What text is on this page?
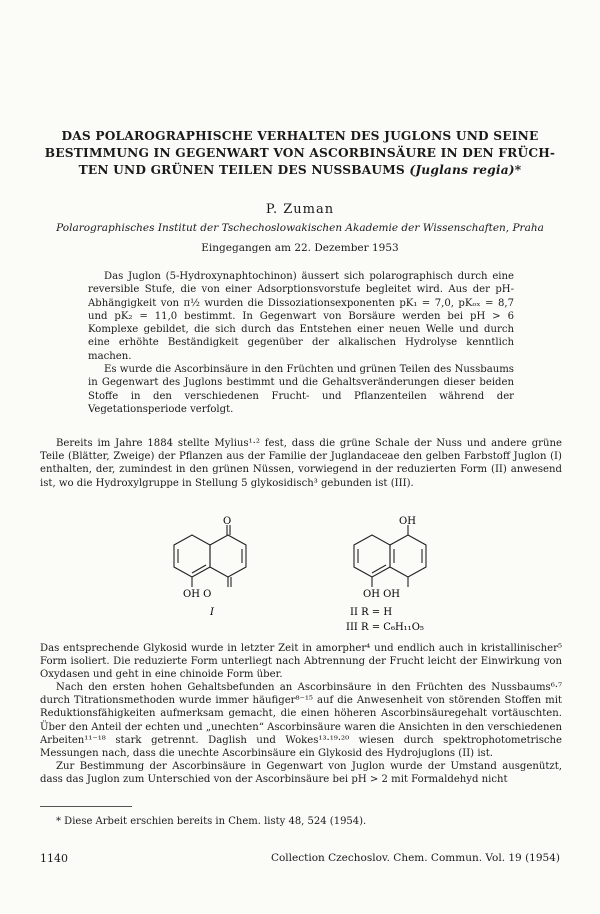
DAS POLAROGRAPHISCHE VERHALTEN DES JUGLONS UND SEINE
BESTIMMUNG IN GEGENWART VON ASCORBINSÄURE IN DEN FRÜCH-
TEN UND GRÜNEN TEILEN DES NUSSBAUMS (Juglans regia)*
P. Zuman
Polarographisches Institut der Tschechoslowakischen Akademie der Wissenschaften, Praha
Eingegangen am 22. Dezember 1953

Das Juglon (5-Hydroxynaphtochinon) äussert sich polarographisch durch eine reversible Stufe, die von einer Adsorptionsvorstufe begleitet wird. Aus der pH-Abhängigkeit von π½ wurden die Dissoziationsexponenten pK₁ = 7,0, pKₒₓ = 8,7 und pK₂ = 11,0 bestimmt. In Gegenwart von Borsäure werden bei pH > 6 Komplexe gebildet, die sich durch das Entstehen einer neuen Welle und durch eine erhöhte Beständigkeit gegenüber der alkalischen Hydrolyse kenntlich machen.

Es wurde die Ascorbinsäure in den Früchten und grünen Teilen des Nussbaums in Gegenwart des Juglons bestimmt und die Gehaltsveränderungen dieser beiden Stoffe in den verschiedenen Frucht- und Pflanzenteilen während der Vegetationsperiode verfolgt.

Bereits im Jahre 1884 stellte Mylius¹·² fest, dass die grüne Schale der Nuss und andere grüne Teile (Blätter, Zweige) der Pflanzen aus der Familie der Juglandaceae den gelben Farbstoff Juglon (I) enthalten, der, zumindest in den grünen Nüssen, vorwiegend in der reduzierten Form (II) anwesend ist, wo die Hydroxylgruppe in Stellung 5 glykosidisch³ gebunden ist (III).

O	OH
OH O	OH OH
I	II R = H
III R = C₆H₁₁O₅

Das entsprechende Glykosid wurde in letzter Zeit in amorpher⁴ und endlich auch in kristallinischer⁵ Form isoliert. Die reduzierte Form unterliegt nach Abtrennung der Frucht leicht der Einwirkung von Oxydasen und geht in eine chinoide Form über.

Nach den ersten hohen Gehaltsbefunden an Ascorbinsäure in den Früchten des Nussbaums⁶·⁷ durch Titrationsmethoden wurde immer häufiger⁸⁻¹⁵ auf die Anwesenheit von störenden Stoffen mit Reduktionsfähigkeiten aufmerksam gemacht, die einen höheren Ascorbinsäuregehalt vortäuschten. Über den Anteil der echten und „unechten“ Ascorbinsäure waren die Ansichten in den verschiedenen Arbeiten¹¹⁻¹⁸ stark getrennt. Daglish und Wokes¹³·¹⁹·²⁰ wiesen durch spektrophotometrische Messungen nach, dass die unechte Ascorbinsäure ein Glykosid des Hydrojuglons (II) ist.

Zur Bestimmung der Ascorbinsäure in Gegenwart von Juglon wurde der Umstand ausgenützt, dass das Juglon zum Unterschied von der Ascorbinsäure bei pH > 2 mit Formaldehyd nicht

* Diese Arbeit erschien bereits in Chem. listy 48, 524 (1954).
1140	Collection Czechoslov. Chem. Commun. Vol. 19 (1954)
